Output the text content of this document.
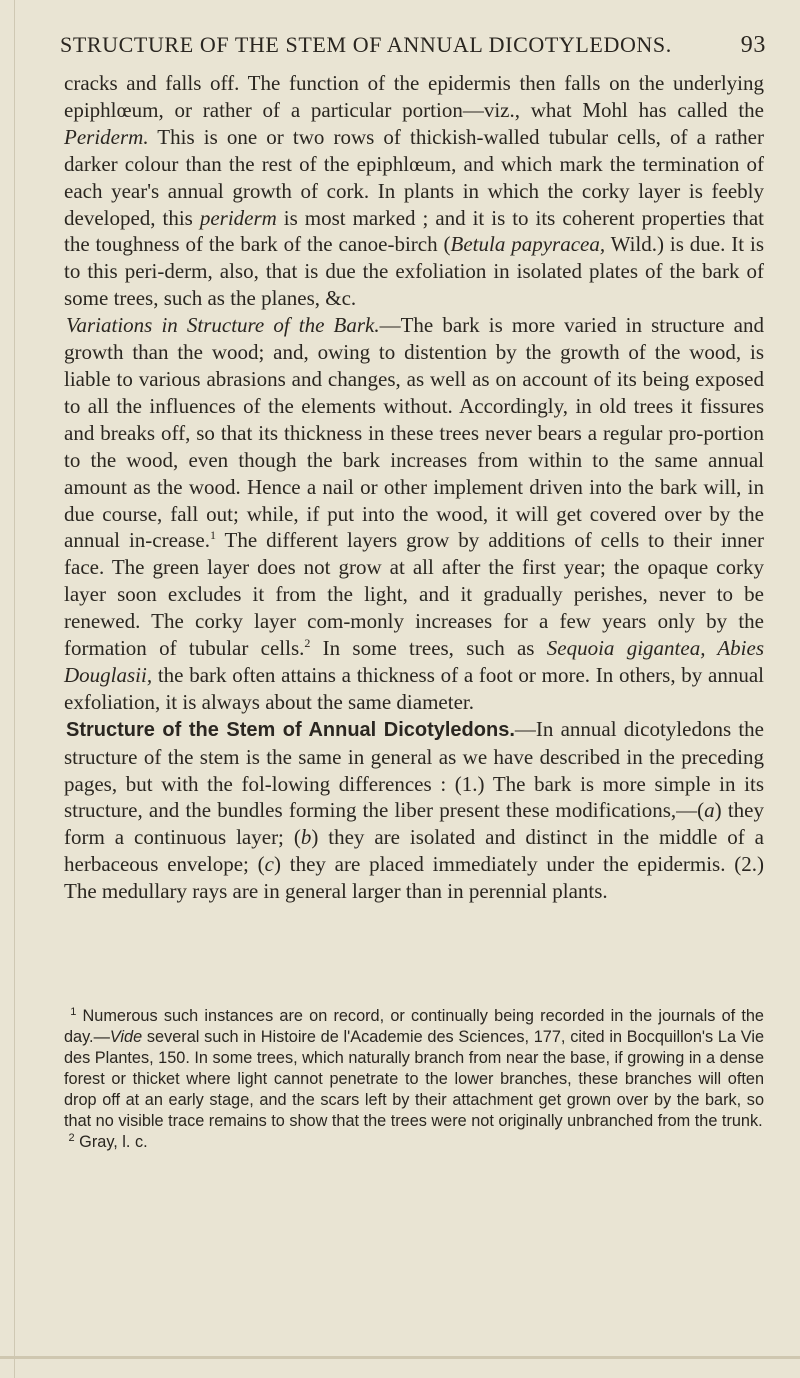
STRUCTURE OF THE STEM OF ANNUAL DICOTYLEDONS.	93

cracks and falls off. The function of the epidermis then falls on the underlying epiphlœum, or rather of a particular portion—viz., what Mohl has called the Periderm. This is one or two rows of thickish-walled tubular cells, of a rather darker colour than the rest of the epiphlœum, and which mark the termination of each year's annual growth of cork. In plants in which the corky layer is feebly developed, this periderm is most marked ; and it is to its coherent properties that the toughness of the bark of the canoe-birch (Betula papyracea, Wild.) is due. It is to this peri-derm, also, that is due the exfoliation in isolated plates of the bark of some trees, such as the planes, &c.

Variations in Structure of the Bark.—The bark is more varied in structure and growth than the wood; and, owing to distention by the growth of the wood, is liable to various abrasions and changes, as well as on account of its being exposed to all the influences of the elements without. Accordingly, in old trees it fissures and breaks off, so that its thickness in these trees never bears a regular pro-portion to the wood, even though the bark increases from within to the same annual amount as the wood. Hence a nail or other implement driven into the bark will, in due course, fall out; while, if put into the wood, it will get covered over by the annual in-crease.$^1$ The different layers grow by additions of cells to their inner face. The green layer does not grow at all after the first year; the opaque corky layer soon excludes it from the light, and it gradually perishes, never to be renewed. The corky layer com-monly increases for a few years only by the formation of tubular cells.$^2$ In some trees, such as Sequoia gigantea, Abies Douglasii, the bark often attains a thickness of a foot or more. In others, by annual exfoliation, it is always about the same diameter.

Structure of the Stem of Annual Dicotyledons.—In annual dicotyledons the structure of the stem is the same in general as we have described in the preceding pages, but with the fol-lowing differences : (1.) The bark is more simple in its structure, and the bundles forming the liber present these modifications,—(a) they form a continuous layer; (b) they are isolated and distinct in the middle of a herbaceous envelope; (c) they are placed immediately under the epidermis. (2.) The medullary rays are in general larger than in perennial plants.

$^1$ Numerous such instances are on record, or continually being recorded in the journals of the day.—Vide several such in Histoire de l'Academie des Sciences, 177, cited in Bocquillon's La Vie des Plantes, 150. In some trees, which naturally branch from near the base, if growing in a dense forest or thicket where light cannot penetrate to the lower branches, these branches will often drop off at an early stage, and the scars left by their attachment get grown over by the bark, so that no visible trace remains to show that the trees were not originally unbranched from the trunk.

$^2$ Gray, l. c.
